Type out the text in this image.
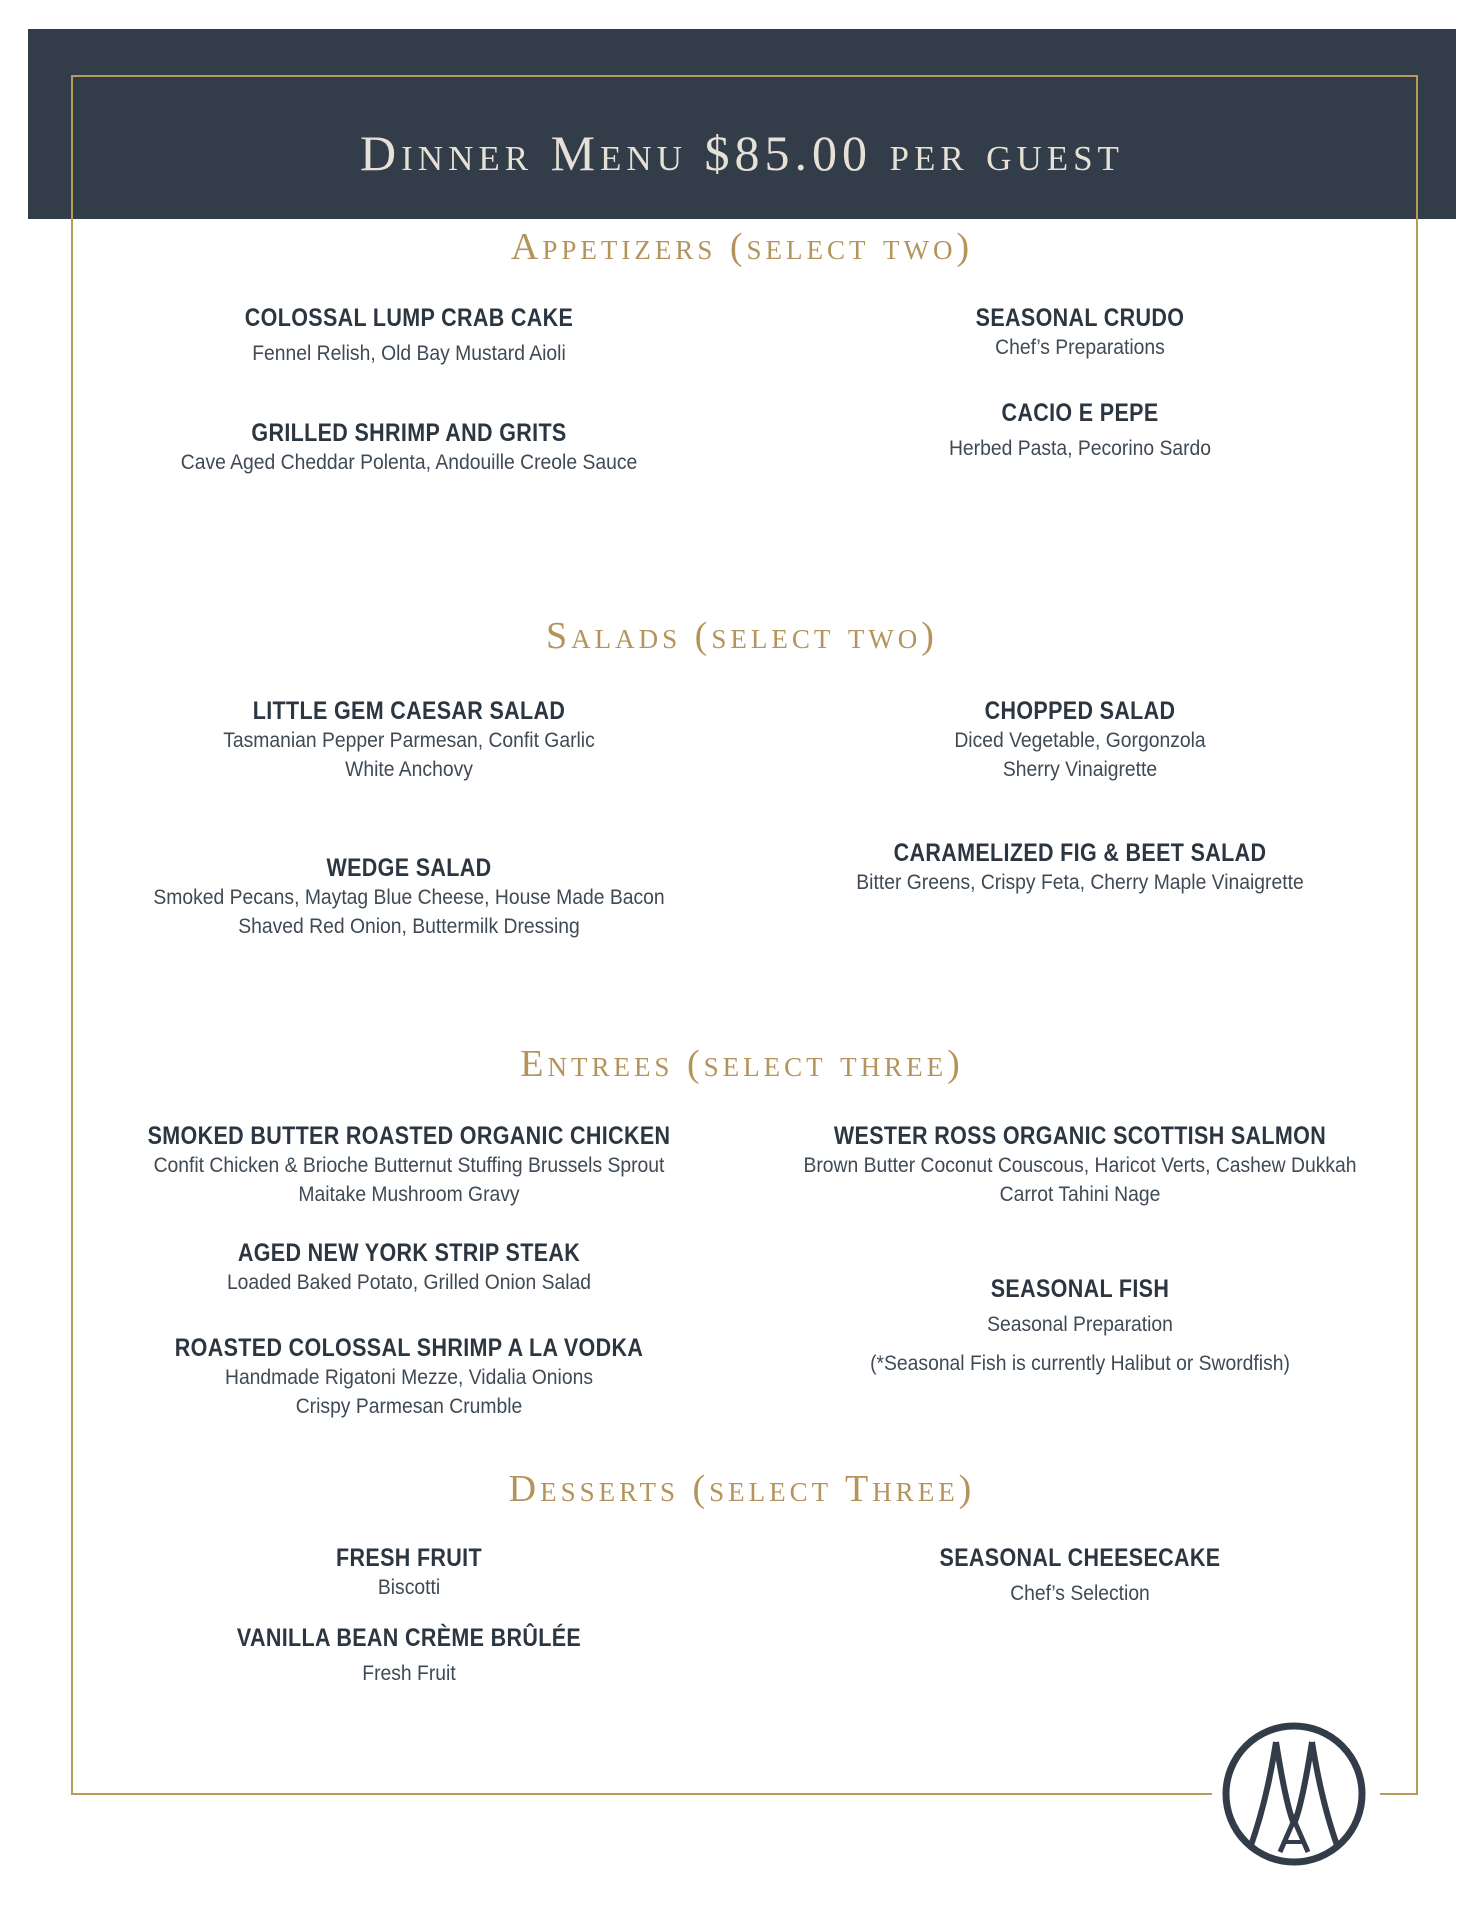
Dinner Menu $85.00 per guest
Appetizers (select two)
COLOSSAL LUMP CRAB CAKE
Fennel Relish, Old Bay Mustard Aioli
SEASONAL CRUDO
Chef’s Preparations
GRILLED SHRIMP AND GRITS
Cave Aged Cheddar Polenta, Andouille Creole Sauce
CACIO E PEPE
Herbed Pasta, Pecorino Sardo
Salads (select two)
LITTLE GEM CAESAR SALAD
Tasmanian Pepper Parmesan, Confit Garlic
White Anchovy
CHOPPED SALAD
Diced Vegetable, Gorgonzola
Sherry Vinaigrette
WEDGE SALAD
Smoked Pecans, Maytag Blue Cheese, House Made Bacon
Shaved Red Onion, Buttermilk Dressing
CARAMELIZED FIG & BEET SALAD
Bitter Greens, Crispy Feta, Cherry Maple Vinaigrette
Entrees (select three)
SMOKED BUTTER ROASTED ORGANIC CHICKEN
Confit Chicken & Brioche Butternut Stuffing Brussels Sprout
Maitake Mushroom Gravy
WESTER ROSS ORGANIC SCOTTISH SALMON
Brown Butter Coconut Couscous, Haricot Verts, Cashew Dukkah
Carrot Tahini Nage
AGED NEW YORK STRIP STEAK
Loaded Baked Potato, Grilled Onion Salad	SEASONAL FISH
Seasonal Preparation
(*Seasonal Fish is currently Halibut or Swordfish)
ROASTED COLOSSAL SHRIMP A LA VODKA
Handmade Rigatoni Mezze, Vidalia Onions
Crispy Parmesan Crumble
Desserts (select Three)
FRESH FRUIT
Biscotti
SEASONAL CHEESECAKE
Chef’s Selection
VANILLA BEAN CRÈME BRÛLÉE
Fresh Fruit
